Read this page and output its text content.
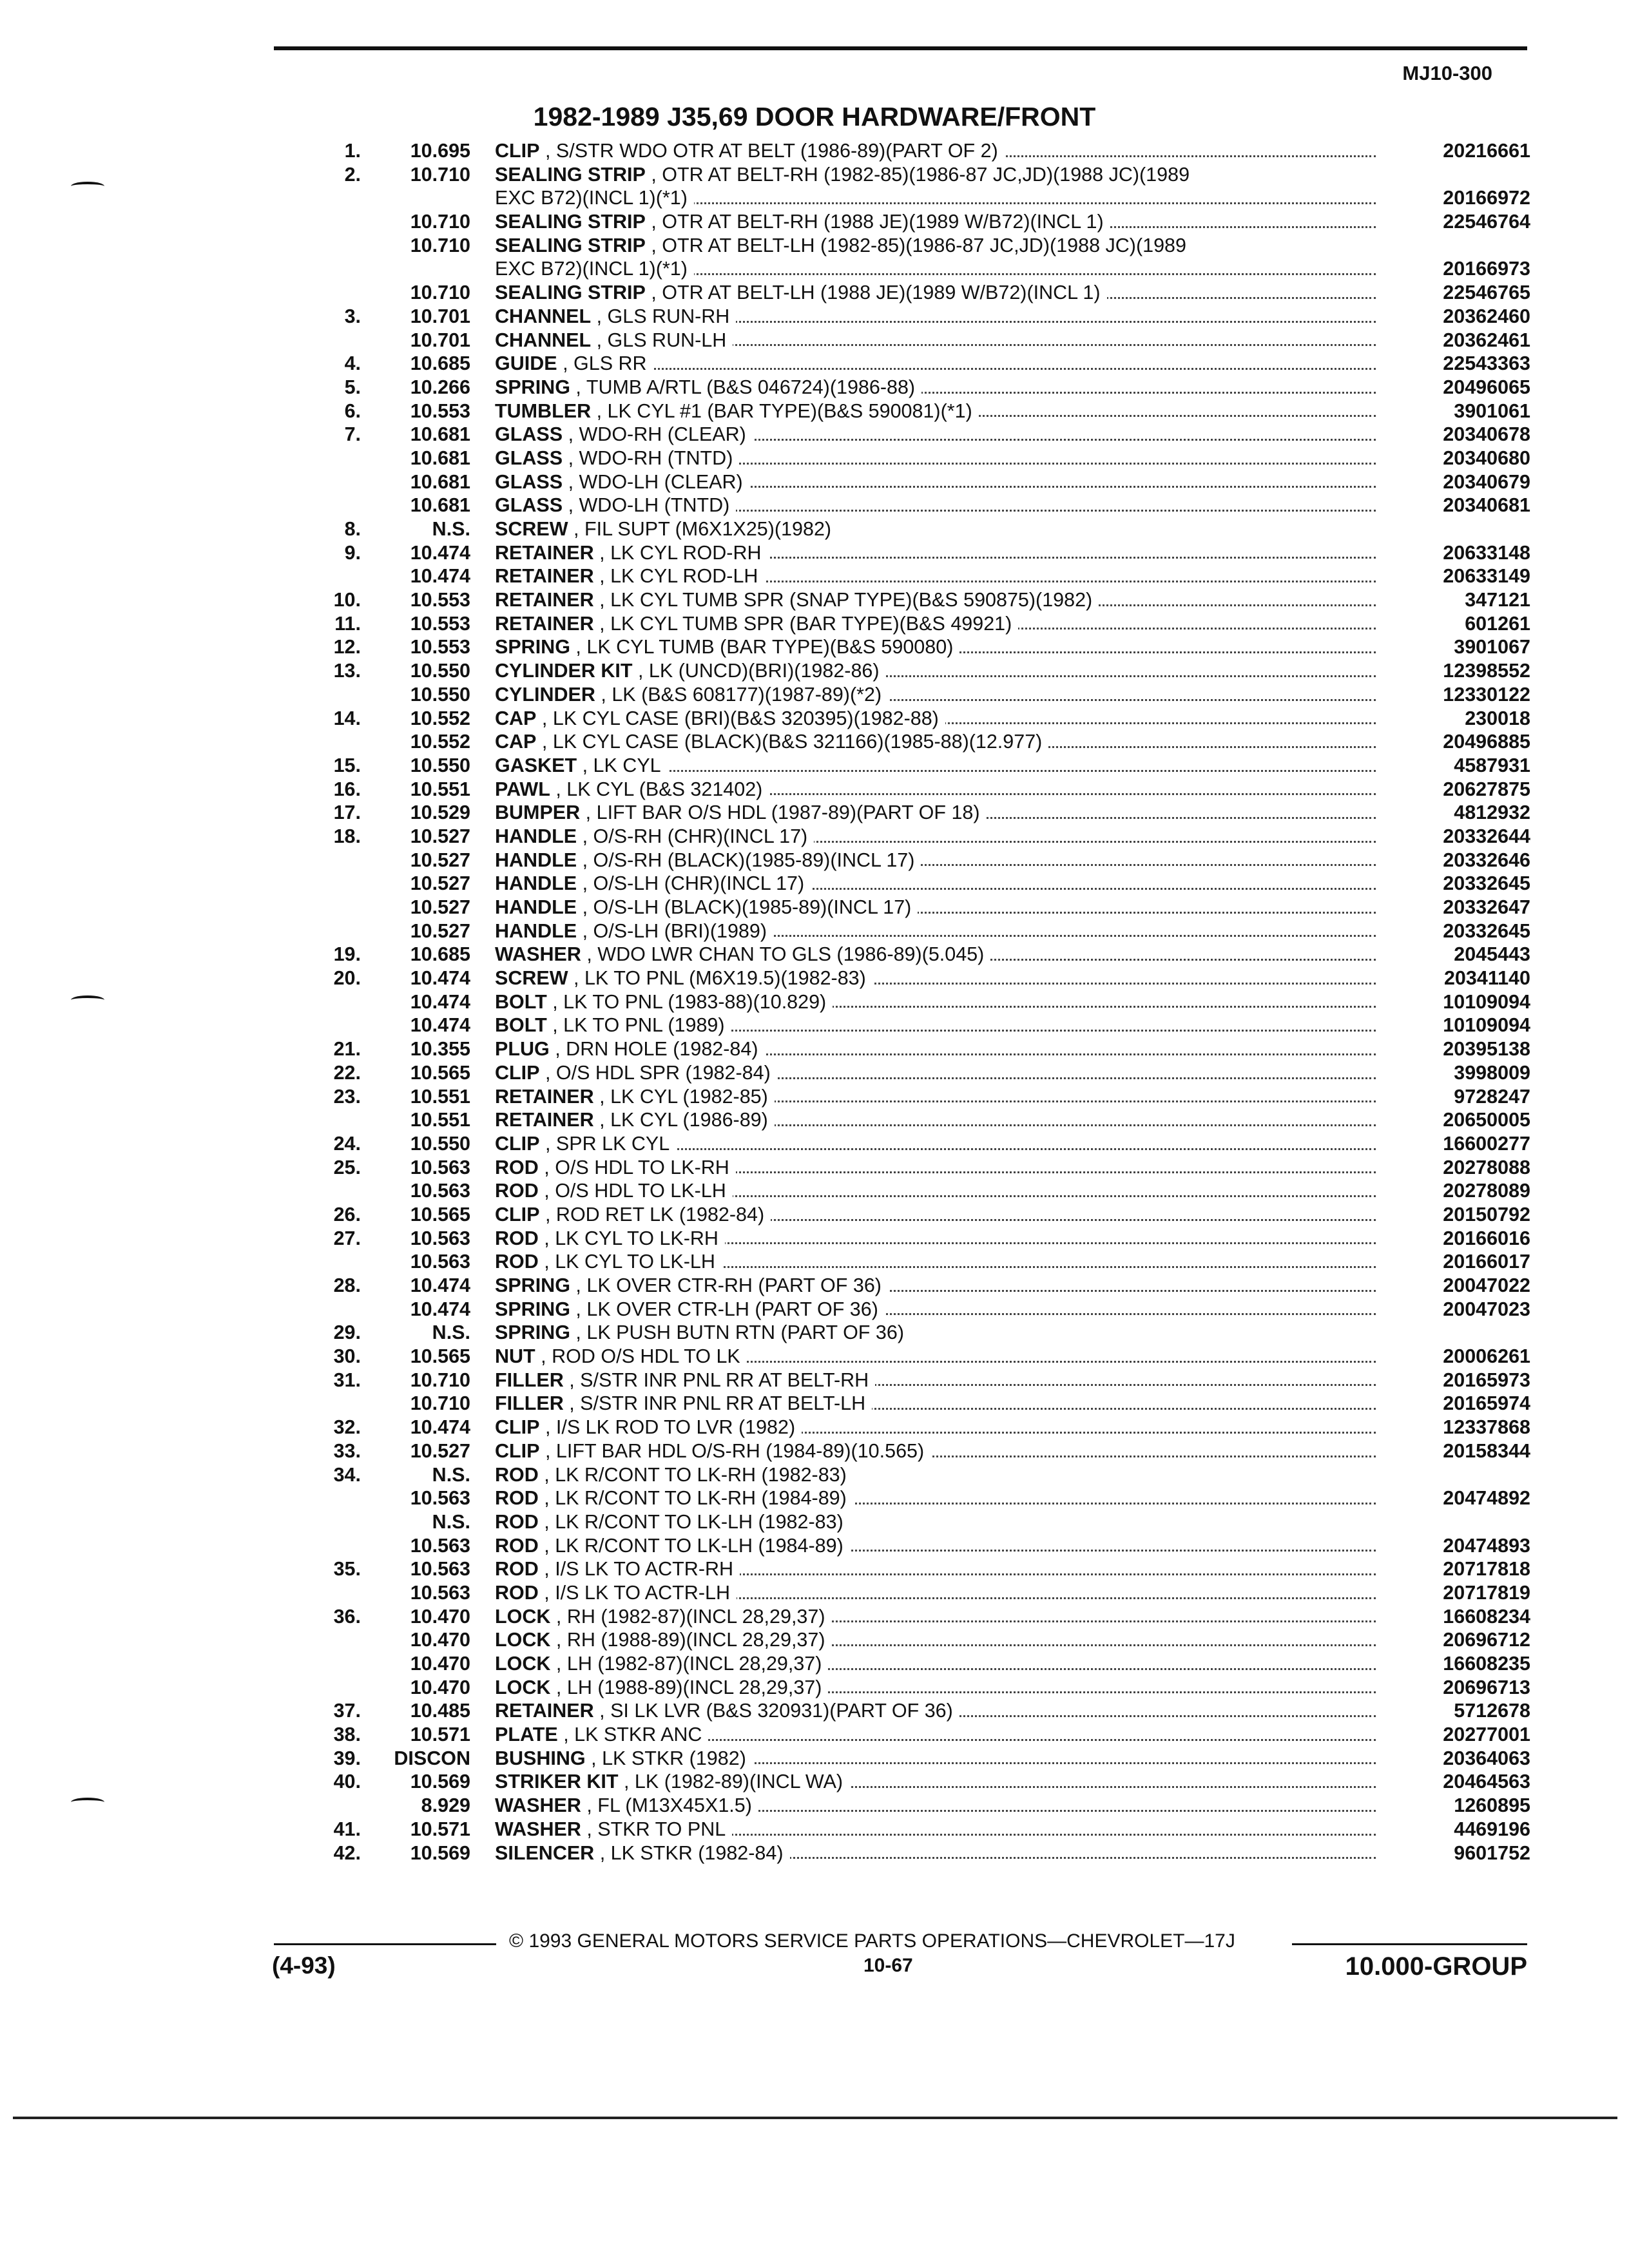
MJ10-300
1982-1989 J35,69 DOOR HARDWARE/FRONT
1.	10.695 CLIP , S/STR WDO OTR AT BELT (1986-89)(PART OF 2)	20216661
2.	10.710 SEALING STRIP , OTR AT BELT-RH (1982-85)(1986-87 JC,JD)(1988 JC)(1989
EXC B72)(INCL 1)(*1)	20166972
10.710 SEALING STRIP , OTR AT BELT-RH (1988 JE)(1989 W/B72)(INCL 1)	22546764
10.710 SEALING STRIP , OTR AT BELT-LH (1982-85)(1986-87 JC,JD)(1988 JC)(1989
EXC B72)(INCL 1)(*1)	20166973
10.710 SEALING STRIP , OTR AT BELT-LH (1988 JE)(1989 W/B72)(INCL 1)	22546765
3.	10.701 CHANNEL , GLS RUN-RH	20362460
10.701 CHANNEL , GLS RUN-LH	20362461
4.	10.685 GUIDE , GLS RR	22543363
5.	10.266 SPRING , TUMB A/RTL (B&S 046724)(1986-88)	20496065
6.	10.553 TUMBLER , LK CYL #1 (BAR TYPE)(B&S 590081)(*1)	3901061
7.	10.681 GLASS , WDO-RH (CLEAR)	20340678
10.681 GLASS , WDO-RH (TNTD)	20340680
10.681 GLASS , WDO-LH (CLEAR)	20340679
10.681 GLASS , WDO-LH (TNTD)	20340681
8.	N.S. SCREW , FIL SUPT (M6X1X25)(1982)
9.	10.474 RETAINER , LK CYL ROD-RH	20633148
10.474 RETAINER , LK CYL ROD-LH	20633149
10.	10.553 RETAINER , LK CYL TUMB SPR (SNAP TYPE)(B&S 590875)(1982)	347121
11.	10.553 RETAINER , LK CYL TUMB SPR (BAR TYPE)(B&S 49921)	601261
12.	10.553 SPRING , LK CYL TUMB (BAR TYPE)(B&S 590080)	3901067
13.	10.550 CYLINDER KIT , LK (UNCD)(BRI)(1982-86)	12398552
10.550 CYLINDER , LK (B&S 608177)(1987-89)(*2)	12330122
14.	10.552 CAP , LK CYL CASE (BRI)(B&S 320395)(1982-88)	230018
10.552 CAP , LK CYL CASE (BLACK)(B&S 321166)(1985-88)(12.977)	20496885
15.	10.550 GASKET , LK CYL	4587931
16.	10.551 PAWL , LK CYL (B&S 321402)	20627875
17.	10.529 BUMPER , LIFT BAR O/S HDL (1987-89)(PART OF 18)	4812932
18.	10.527 HANDLE , O/S-RH (CHR)(INCL 17)	20332644
10.527 HANDLE , O/S-RH (BLACK)(1985-89)(INCL 17)	20332646
10.527 HANDLE , O/S-LH (CHR)(INCL 17)	20332645
10.527 HANDLE , O/S-LH (BLACK)(1985-89)(INCL 17)	20332647
10.527 HANDLE , O/S-LH (BRI)(1989)	20332645
19.	10.685 WASHER , WDO LWR CHAN TO GLS (1986-89)(5.045)	2045443
20.	10.474 SCREW , LK TO PNL (M6X19.5)(1982-83)	20341140
10.474 BOLT , LK TO PNL (1983-88)(10.829)	10109094
10.474 BOLT , LK TO PNL (1989)	10109094
21.	10.355 PLUG , DRN HOLE (1982-84)	20395138
22.	10.565 CLIP , O/S HDL SPR (1982-84)	3998009
23.	10.551 RETAINER , LK CYL (1982-85)	9728247
10.551 RETAINER , LK CYL (1986-89)	20650005
24.	10.550 CLIP , SPR LK CYL	16600277
25.	10.563 ROD , O/S HDL TO LK-RH	20278088
10.563 ROD , O/S HDL TO LK-LH	20278089
26.	10.565 CLIP , ROD RET LK (1982-84)	20150792
27.	10.563 ROD , LK CYL TO LK-RH	20166016
10.563 ROD , LK CYL TO LK-LH	20166017
28.	10.474 SPRING , LK OVER CTR-RH (PART OF 36)	20047022
10.474 SPRING , LK OVER CTR-LH (PART OF 36)	20047023
29.	N.S. SPRING , LK PUSH BUTN RTN (PART OF 36)
30.	10.565 NUT , ROD O/S HDL TO LK	20006261
31.	10.710 FILLER , S/STR INR PNL RR AT BELT-RH	20165973
10.710 FILLER , S/STR INR PNL RR AT BELT-LH	20165974
32.	10.474 CLIP , I/S LK ROD TO LVR (1982)	12337868
33.	10.527 CLIP , LIFT BAR HDL O/S-RH (1984-89)(10.565)	20158344
34.	N.S. ROD , LK R/CONT TO LK-RH (1982-83)
10.563 ROD , LK R/CONT TO LK-RH (1984-89)	20474892
N.S. ROD , LK R/CONT TO LK-LH (1982-83)
10.563 ROD , LK R/CONT TO LK-LH (1984-89)	20474893
35.	10.563 ROD , I/S LK TO ACTR-RH	20717818
10.563 ROD , I/S LK TO ACTR-LH	20717819
36.	10.470 LOCK , RH (1982-87)(INCL 28,29,37)	16608234
10.470 LOCK , RH (1988-89)(INCL 28,29,37)	20696712
10.470 LOCK , LH (1982-87)(INCL 28,29,37)	16608235
10.470 LOCK , LH (1988-89)(INCL 28,29,37)	20696713
37.	10.485 RETAINER , SI LK LVR (B&S 320931)(PART OF 36)	5712678
38.	10.571 PLATE , LK STKR ANC	20277001
39.	DISCON BUSHING , LK STKR (1982)	20364063
40.	10.569 STRIKER KIT , LK (1982-89)(INCL WA)	20464563
8.929 WASHER , FL (M13X45X1.5)	1260895
41.	10.571 WASHER , STKR TO PNL	4469196
42.	10.569 SILENCER , LK STKR (1982-84)	9601752
© 1993 GENERAL MOTORS SERVICE PARTS OPERATIONS—CHEVROLET—17J
(4-93)	10-67	10.000-GROUP
